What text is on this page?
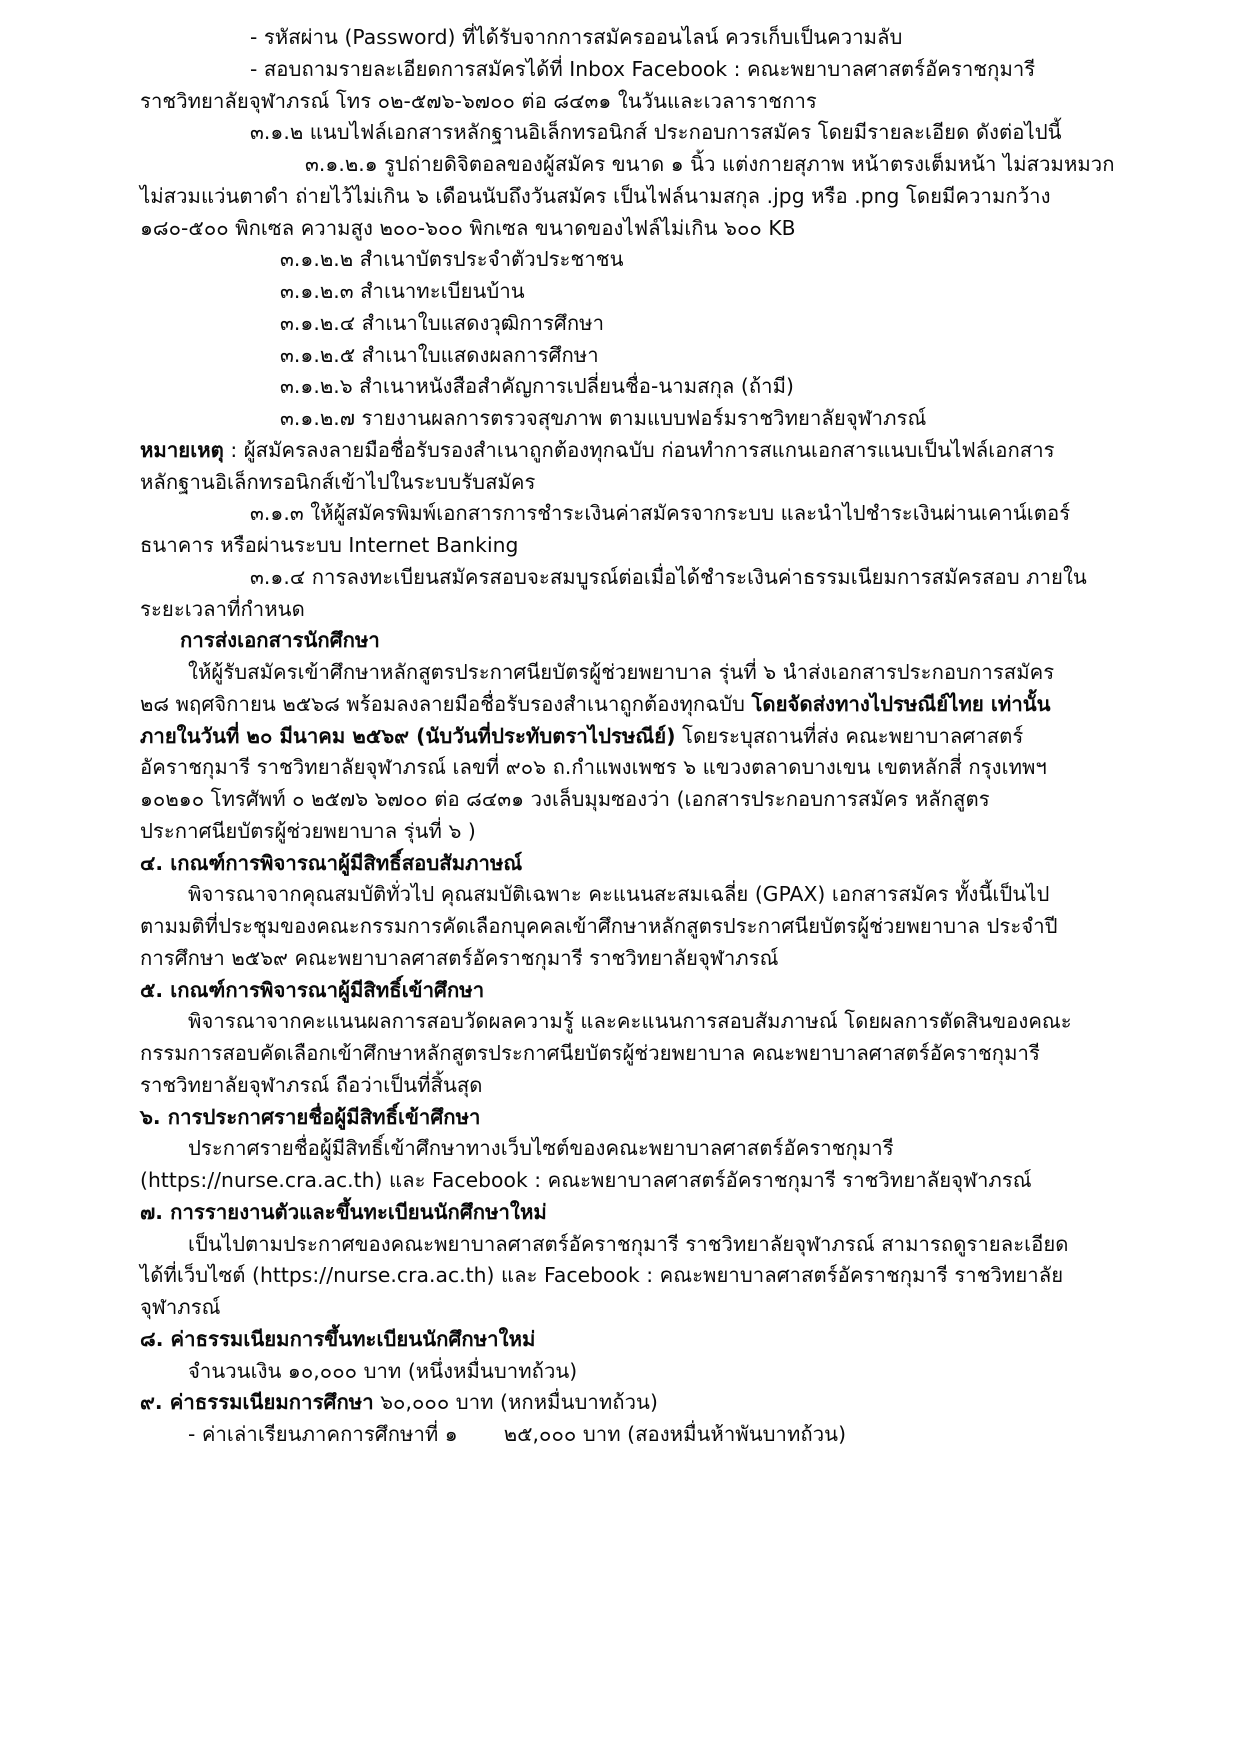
- รหัสผ่าน (Password) ที่ได้รับจากการสมัครออนไลน์ ควรเก็บเป็นความลับ

- สอบถามรายละเอียดการสมัครได้ที่ Inbox Facebook : คณะพยาบาลศาสตร์อัคราชกุมารี

ราชวิทยาลัยจุฬาภรณ์ โทร ๐๒-๕๗๖-๖๗๐๐ ต่อ ๘๔๓๑ ในวันและเวลาราชการ

๓.๑.๒ แนบไฟล์เอกสารหลักฐานอิเล็กทรอนิกส์ ประกอบการสมัคร โดยมีรายละเอียด ดังต่อไปนี้

๓.๑.๒.๑ รูปถ่ายดิจิตอลของผู้สมัคร ขนาด ๑ นิ้ว แต่งกายสุภาพ หน้าตรงเต็มหน้า ไม่สวมหมวก

ไม่สวมแว่นตาดำ ถ่ายไว้ไม่เกิน ๖ เดือนนับถึงวันสมัคร เป็นไฟล์นามสกุล .jpg หรือ .png โดยมีความกว้าง

๑๘๐-๕๐๐ พิกเซล ความสูง ๒๐๐-๖๐๐ พิกเซล ขนาดของไฟล์ไม่เกิน ๖๐๐ KB

๓.๑.๒.๒ สำเนาบัตรประจำตัวประชาชน

๓.๑.๒.๓ สำเนาทะเบียนบ้าน

๓.๑.๒.๔ สำเนาใบแสดงวุฒิการศึกษา

๓.๑.๒.๕ สำเนาใบแสดงผลการศึกษา

๓.๑.๒.๖ สำเนาหนังสือสำคัญการเปลี่ยนชื่อ-นามสกุล (ถ้ามี)

๓.๑.๒.๗ รายงานผลการตรวจสุขภาพ ตามแบบฟอร์มราชวิทยาลัยจุฬาภรณ์

หมายเหตุ : ผู้สมัครลงลายมือชื่อรับรองสำเนาถูกต้องทุกฉบับ ก่อนทำการสแกนเอกสารแนบเป็นไฟล์เอกสาร

หลักฐานอิเล็กทรอนิกส์เข้าไปในระบบรับสมัคร

๓.๑.๓ ให้ผู้สมัครพิมพ์เอกสารการชำระเงินค่าสมัครจากระบบ และนำไปชำระเงินผ่านเคาน์เตอร์

ธนาคาร หรือผ่านระบบ Internet Banking

๓.๑.๔ การลงทะเบียนสมัครสอบจะสมบูรณ์ต่อเมื่อได้ชำระเงินค่าธรรมเนียมการสมัครสอบ ภายใน

ระยะเวลาที่กำหนด

การส่งเอกสารนักศึกษา

ให้ผู้รับสมัครเข้าศึกษาหลักสูตรประกาศนียบัตรผู้ช่วยพยาบาล รุ่นที่ ๖ นำส่งเอกสารประกอบการสมัคร

๒๘ พฤศจิกายน ๒๕๖๘ พร้อมลงลายมือชื่อรับรองสำเนาถูกต้องทุกฉบับ โดยจัดส่งทางไปรษณีย์ไทย เท่านั้น

ภายในวันที่ ๒๐ มีนาคม ๒๕๖๙ (นับวันที่ประทับตราไปรษณีย์) โดยระบุสถานที่ส่ง คณะพยาบาลศาสตร์

อัคราชกุมารี ราชวิทยาลัยจุฬาภรณ์ เลขที่ ๙๐๖ ถ.กำแพงเพชร ๖ แขวงตลาดบางเขน เขตหลักสี่ กรุงเทพฯ

๑๐๒๑๐ โทรศัพท์ ๐ ๒๕๗๖ ๖๗๐๐ ต่อ ๘๔๓๑ วงเล็บมุมซองว่า (เอกสารประกอบการสมัคร หลักสูตร

ประกาศนียบัตรผู้ช่วยพยาบาล รุ่นที่ ๖ )

๔. เกณฑ์การพิจารณาผู้มีสิทธิ์สอบสัมภาษณ์

พิจารณาจากคุณสมบัติทั่วไป คุณสมบัติเฉพาะ คะแนนสะสมเฉลี่ย (GPAX) เอกสารสมัคร ทั้งนี้เป็นไป

ตามมติที่ประชุมของคณะกรรมการคัดเลือกบุคคลเข้าศึกษาหลักสูตรประกาศนียบัตรผู้ช่วยพยาบาล ประจำปี

การศึกษา ๒๕๖๙ คณะพยาบาลศาสตร์อัคราชกุมารี ราชวิทยาลัยจุฬาภรณ์

๕. เกณฑ์การพิจารณาผู้มีสิทธิ์เข้าศึกษา

พิจารณาจากคะแนนผลการสอบวัดผลความรู้ และคะแนนการสอบสัมภาษณ์ โดยผลการตัดสินของคณะ

กรรมการสอบคัดเลือกเข้าศึกษาหลักสูตรประกาศนียบัตรผู้ช่วยพยาบาล คณะพยาบาลศาสตร์อัคราชกุมารี

ราชวิทยาลัยจุฬาภรณ์ ถือว่าเป็นที่สิ้นสุด

๖. การประกาศรายชื่อผู้มีสิทธิ์เข้าศึกษา

ประกาศรายชื่อผู้มีสิทธิ์เข้าศึกษาทางเว็บไซต์ของคณะพยาบาลศาสตร์อัคราชกุมารี

(https://nurse.cra.ac.th) และ Facebook : คณะพยาบาลศาสตร์อัคราชกุมารี ราชวิทยาลัยจุฬาภรณ์

๗. การรายงานตัวและขึ้นทะเบียนนักศึกษาใหม่

เป็นไปตามประกาศของคณะพยาบาลศาสตร์อัคราชกุมารี ราชวิทยาลัยจุฬาภรณ์ สามารถดูรายละเอียด

ได้ที่เว็บไซต์ (https://nurse.cra.ac.th) และ Facebook : คณะพยาบาลศาสตร์อัคราชกุมารี ราชวิทยาลัย

จุฬาภรณ์

๘. ค่าธรรมเนียมการขึ้นทะเบียนนักศึกษาใหม่

จำนวนเงิน ๑๐,๐๐๐ บาท (หนึ่งหมื่นบาทถ้วน)

๙. ค่าธรรมเนียมการศึกษา ๖๐,๐๐๐ บาท (หกหมื่นบาทถ้วน)

- ค่าเล่าเรียนภาคการศึกษาที่ ๑ ๒๕,๐๐๐ บาท (สองหมื่นห้าพันบาทถ้วน)
